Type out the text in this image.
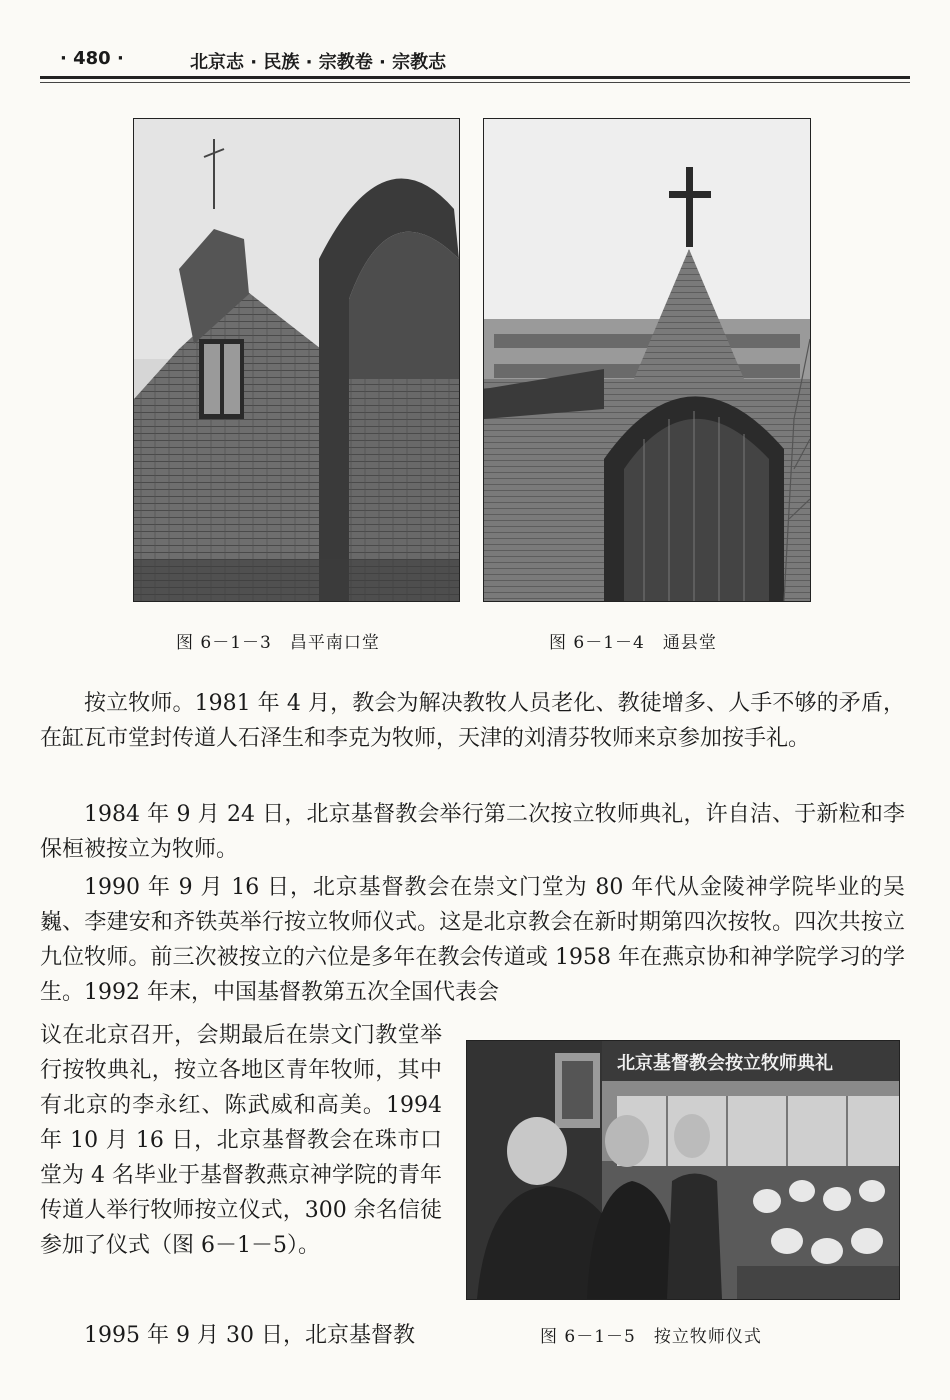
· 480 ·	北京志 · 民族 · 宗教卷 · 宗教志
图 6－1－3　昌平南口堂	图 6－1－4　通县堂

按立牧师。1981 年 4 月，教会为解决教牧人员老化、教徒增多、人手不够的矛盾，在缸瓦市堂封传道人石泽生和李克为牧师，天津的刘清芬牧师来京参加按手礼。

1984 年 9 月 24 日，北京基督教会举行第二次按立牧师典礼，许自洁、于新粒和李保桓被按立为牧师。

1990 年 9 月 16 日，北京基督教会在崇文门堂为 80 年代从金陵神学院毕业的吴巍、李建安和齐铁英举行按立牧师仪式。这是北京教会在新时期第四次按牧。四次共按立九位牧师。前三次被按立的六位是多年在教会传道或 1958 年在燕京协和神学院学习的学生。1992 年末，中国基督教第五次全国代表会

议在北京召开，会期最后在崇文门教堂举行按牧典礼，按立各地区青年牧师，其中有北京的李永红、陈武威和高美。1994 年 10 月 16 日，北京基督教会在珠市口堂为 4 名毕业于基督教燕京神学院的青年传道人举行牧师按立仪式，300 余名信徒参加了仪式（图 6－1－5）。

1995 年 9 月 30 日，北京基督教

北京基督教会按立牧师典礼
图 6－1－5　按立牧师仪式
